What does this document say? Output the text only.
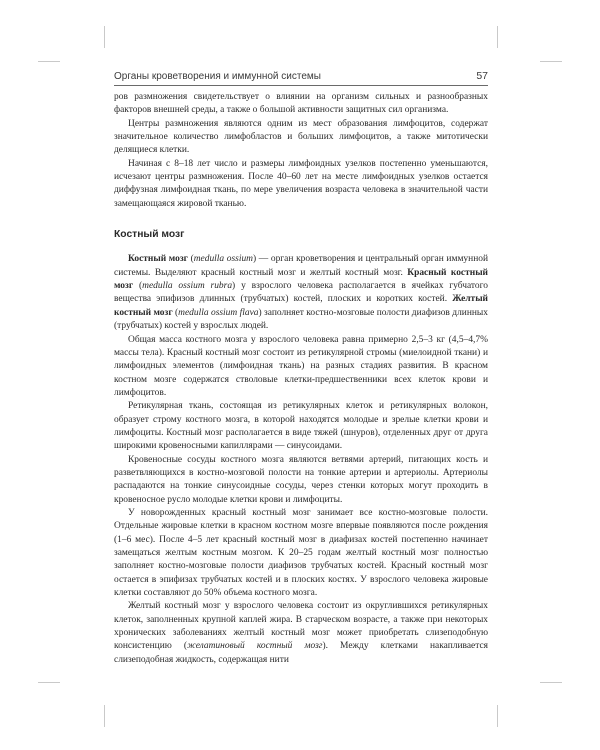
Органы кроветворения и иммунной системы	57

ров размножения свидетельствует о влиянии на организм сильных и разнообразных факторов внешней среды, а также о большой активности защитных сил организма.

Центры размножения являются одним из мест образования лимфоцитов, содержат значительное количество лимфобластов и больших лимфоцитов, а также митотически делящиеся клетки.

Начиная с 8–18 лет число и размеры лимфоидных узелков постепенно уменьшаются, исчезают центры размножения. После 40–60 лет на месте лимфоидных узелков остается диффузная лимфоидная ткань, по мере увеличения возраста человека в значительной части замещающаяся жировой тканью.

Костный мозг

Костный мозг (medulla ossium) — орган кроветворения и центральный орган иммунной системы. Выделяют красный костный мозг и желтый костный мозг. Красный костный мозг (medulla ossium rubra) у взрослого человека располагается в ячейках губчатого вещества эпифизов длинных (трубчатых) костей, плоских и коротких костей. Желтый костный мозг (medulla ossium flava) заполняет костно-мозговые полости диафизов длинных (трубчатых) костей у взрослых людей.

Общая масса костного мозга у взрослого человека равна примерно 2,5–3 кг (4,5–4,7% массы тела). Красный костный мозг состоит из ретикулярной стромы (миелоидной ткани) и лимфоидных элементов (лимфоидная ткань) на разных стадиях развития. В красном костном мозге содержатся стволовые клетки-предшественники всех клеток крови и лимфоцитов.

Ретикулярная ткань, состоящая из ретикулярных клеток и ретикулярных волокон, образует строму костного мозга, в которой находятся молодые и зрелые клетки крови и лимфоциты. Костный мозг располагается в виде тяжей (шнуров), отделенных друг от друга широкими кровеносными капиллярами — синусоидами.

Кровеносные сосуды костного мозга являются ветвями артерий, питающих кость и разветвляющихся в костно-мозговой полости на тонкие артерии и артериолы. Артериолы распадаются на тонкие синусоидные сосуды, через стенки которых могут проходить в кровеносное русло молодые клетки крови и лимфоциты.

У новорожденных красный костный мозг занимает все костно-мозговые полости. Отдельные жировые клетки в красном костном мозге впервые появляются после рождения (1–6 мес). После 4–5 лет красный костный мозг в диафизах костей постепенно начинает замещаться желтым костным мозгом. К 20–25 годам желтый костный мозг полностью заполняет костно-мозговые полости диафизов трубчатых костей. Красный костный мозг остается в эпифизах трубчатых костей и в плоских костях. У взрослого человека жировые клетки составляют до 50% объема костного мозга.

Желтый костный мозг у взрослого человека состоит из округлившихся ретикулярных клеток, заполненных крупной каплей жира. В старческом возрасте, а также при некоторых хронических заболеваниях желтый костный мозг может приобретать слизеподобную консистенцию (желатиновый костный мозг). Между клетками накапливается слизеподобная жидкость, содержащая нити
